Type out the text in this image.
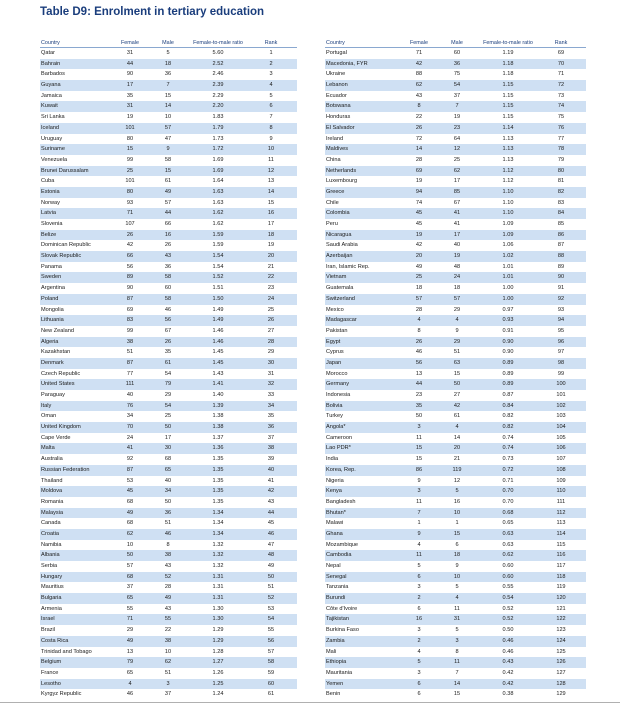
Table D9: Enrolment in tertiary education
Country	Female	Male	Female-to-male ratio	Rank
Qatar	31	5	5.60	1
Bahrain	44	18	2.52	2
Barbados	90	36	2.46	3
Guyana	17	7	2.39	4
Jamaica	35	15	2.29	5
Kuwait	31	14	2.20	6
Sri Lanka	19	10	1.83	7
Iceland	101	57	1.79	8
Uruguay	80	47	1.73	9
Suriname	15	9	1.72	10
Venezuela	99	58	1.69	11
Brunei Darussalam	25	15	1.69	12
Cuba	101	61	1.64	13
Estonia	80	49	1.63	14
Norway	93	57	1.63	15
Latvia	71	44	1.62	16
Slovenia	107	66	1.62	17
Belize	26	16	1.59	18
Dominican Republic	42	26	1.59	19
Slovak Republic	66	43	1.54	20
Panama	56	36	1.54	21
Sweden	89	58	1.52	22
Argentina	90	60	1.51	23
Poland	87	58	1.50	24
Mongolia	69	46	1.49	25
Lithuania	83	56	1.49	26
New Zealand	99	67	1.46	27
Algeria	38	26	1.46	28
Kazakhstan	51	35	1.45	29
Denmark	87	61	1.45	30
Czech Republic	77	54	1.43	31
United States	111	79	1.41	32
Paraguay	40	29	1.40	33
Italy	76	54	1.39	34
Oman	34	25	1.38	35
United Kingdom	70	50	1.38	36
Cape Verde	24	17	1.37	37
Malta	41	30	1.36	38
Australia	92	68	1.35	39
Russian Federation	87	65	1.35	40
Thailand	53	40	1.35	41
Moldova	45	34	1.35	42
Romania	68	50	1.35	43
Malaysia	49	36	1.34	44
Canada	68	51	1.34	45
Croatia	62	46	1.34	46
Namibia	10	8	1.32	47
Albania	50	38	1.32	48
Serbia	57	43	1.32	49
Hungary	68	52	1.31	50
Mauritius	37	28	1.31	51
Bulgaria	65	49	1.31	52
Armenia	55	43	1.30	53
Israel	71	55	1.30	54
Brazil	29	22	1.29	55
Costa Rica	49	38	1.29	56
Trinidad and Tobago	13	10	1.28	57
Belgium	79	62	1.27	58
France	65	51	1.26	59
Lesotho	4	3	1.25	60
Kyrgyz Republic	46	37	1.24	61
Country	Female	Male	Female-to-male ratio	Rank
Portugal	71	60	1.19	69
Macedonia, FYR	42	36	1.18	70
Ukraine	88	75	1.18	71
Lebanon	62	54	1.15	72
Ecuador	43	37	1.15	73
Botswana	8	7	1.15	74
Honduras	22	19	1.15	75
El Salvador	26	23	1.14	76
Ireland	72	64	1.13	77
Maldives	14	12	1.13	78
China	28	25	1.13	79
Netherlands	69	62	1.12	80
Luxembourg	19	17	1.12	81
Greece	94	85	1.10	82
Chile	74	67	1.10	83
Colombia	45	41	1.10	84
Peru	45	41	1.09	85
Nicaragua	19	17	1.09	86
Saudi Arabia	42	40	1.06	87
Azerbaijan	20	19	1.02	88
Iran, Islamic Rep.	49	48	1.01	89
Vietnam	25	24	1.01	90
Guatemala	18	18	1.00	91
Switzerland	57	57	1.00	92
Mexico	28	29	0.97	93
Madagascar	4	4	0.93	94
Pakistan	8	9	0.91	95
Egypt	26	29	0.90	96
Cyprus	46	51	0.90	97
Japan	56	63	0.89	98
Morocco	13	15	0.89	99
Germany	44	50	0.89	100
Indonesia	23	27	0.87	101
Bolivia	35	42	0.84	102
Turkey	50	61	0.82	103
Angola*	3	4	0.82	104
Cameroon	11	14	0.74	105
Lao PDR*	15	20	0.74	106
India	15	21	0.73	107
Korea, Rep.	86	119	0.72	108
Nigeria	9	12	0.71	109
Kenya	3	5	0.70	110
Bangladesh	11	16	0.70	111
Bhutan*	7	10	0.68	112
Malawi	1	1	0.65	113
Ghana	9	15	0.63	114
Mozambique	4	6	0.63	115
Cambodia	11	18	0.62	116
Nepal	5	9	0.60	117
Senegal	6	10	0.60	118
Tanzania	3	5	0.55	119
Burundi	2	4	0.54	120
Côte d'Ivoire	6	11	0.52	121
Tajikistan	16	31	0.52	122
Burkina Faso	3	5	0.50	123
Zambia	2	3	0.46	124
Mali	4	8	0.46	125
Ethiopia	5	11	0.43	126
Mauritania	3	7	0.42	127
Yemen	6	14	0.42	128
Benin	6	15	0.38	129
